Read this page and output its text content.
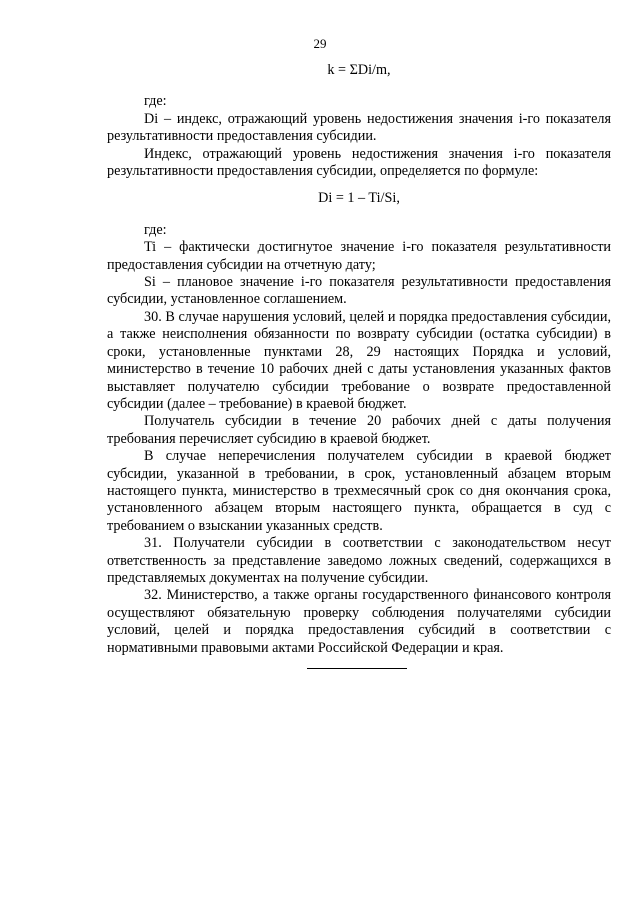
29
k = ΣDi/m,

где:

Di – индекс, отражающий уровень недостижения значения i-го показателя результативности предоставления субсидии.

Индекс, отражающий уровень недостижения значения i-го показателя результативности предоставления субсидии, определяется по формуле:

Di = 1 – Ti/Si,

где:

Ti – фактически достигнутое значение i-го показателя результативности предоставления субсидии на отчетную дату;

Si – плановое значение i-го показателя результативности предоставления субсидии, установленное соглашением.

30. В случае нарушения условий, целей и порядка предоставления субсидии, а также неисполнения обязанности по возврату субсидии (остатка субсидии) в сроки, установленные пунктами 28, 29 настоящих Порядка и условий, министерство в течение 10 рабочих дней с даты установления указанных фактов выставляет получателю субсидии требование о возврате предоставленной субсидии (далее – требование) в краевой бюджет.

Получатель субсидии в течение 20 рабочих дней с даты получения требования перечисляет субсидию в краевой бюджет.

В случае неперечисления получателем субсидии в краевой бюджет субсидии, указанной в требовании, в срок, установленный абзацем вторым настоящего пункта, министерство в трехмесячный срок со дня окончания срока, установленного абзацем вторым настоящего пункта, обращается в суд с требованием о взыскании указанных средств.

31. Получатели субсидии в соответствии с законодательством несут ответственность за представление заведомо ложных сведений, содержащихся в представляемых документах на получение субсидии.

32. Министерство, а также органы государственного финансового контроля осуществляют обязательную проверку соблюдения получателями субсидии условий, целей и порядка предоставления субсидий в соответствии с нормативными правовыми актами Российской Федерации и края.
